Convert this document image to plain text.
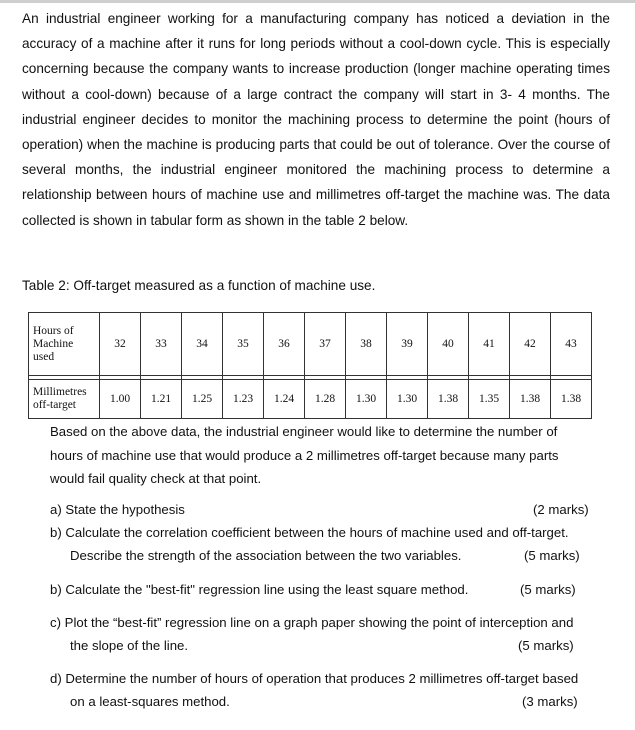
An industrial engineer working for a manufacturing company has noticed a deviation in the accuracy of a machine after it runs for long periods without a cool-down cycle. This is especially concerning because the company wants to increase production (longer machine operating times without a cool-down) because of a large contract the company will start in 3- 4 months. The industrial engineer decides to monitor the machining process to determine the point (hours of operation) when the machine is producing parts that could be out of tolerance. Over the course of several months, the industrial engineer monitored the machining process to determine a relationship between hours of machine use and millimetres off-target the machine was. The data collected is shown in tabular form as shown in the table 2 below.
Table 2: Off-target measured as a function of machine use.
Hours of
Machine
used	32	33	34	35	36	37	38	39	40	41	42	43

Millimetres
off-target	1.00	1.21	1.25	1.23	1.24	1.28	1.30	1.30	1.38	1.35	1.38	1.38
Based on the above data, the industrial engineer would like to determine the number of hours of machine use that would produce a 2 millimetres off-target because many parts would fail quality check at that point.
a) State the hypothesis	(2 marks)
b) Calculate the correlation coefficient between the hours of machine used and off-target.
Describe the strength of the association between the two variables.	(5 marks)
b) Calculate the "best-fit" regression line using the least square method.	(5 marks)
c) Plot the “best-fit” regression line on a graph paper showing the point of interception and
the slope of the line.	(5 marks)
d) Determine the number of hours of operation that produces 2 millimetres off-target based
on a least-squares method.	(3 marks)
